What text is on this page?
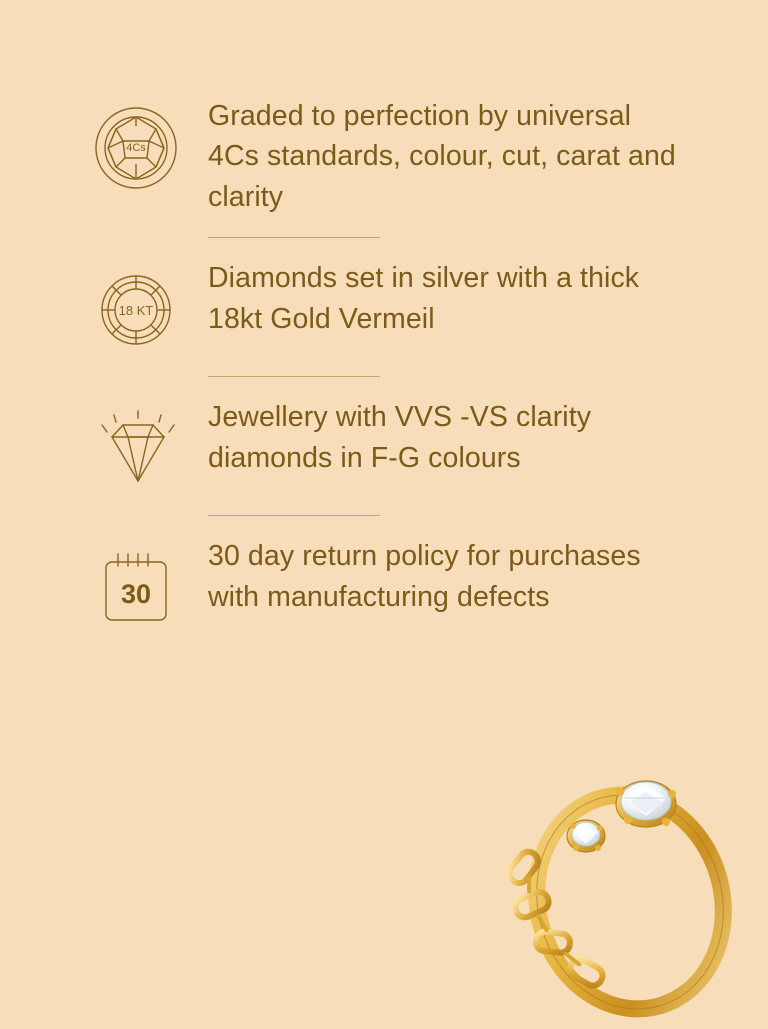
4Cs

Graded to perfection by universal 4Cs standards, colour, cut, carat and clarity

18 KT

Diamonds set in silver with a thick 18kt Gold Vermeil

Jewellery with VVS -VS clarity diamonds in F-G colours

30

30 day return policy for purchases with manufacturing defects
